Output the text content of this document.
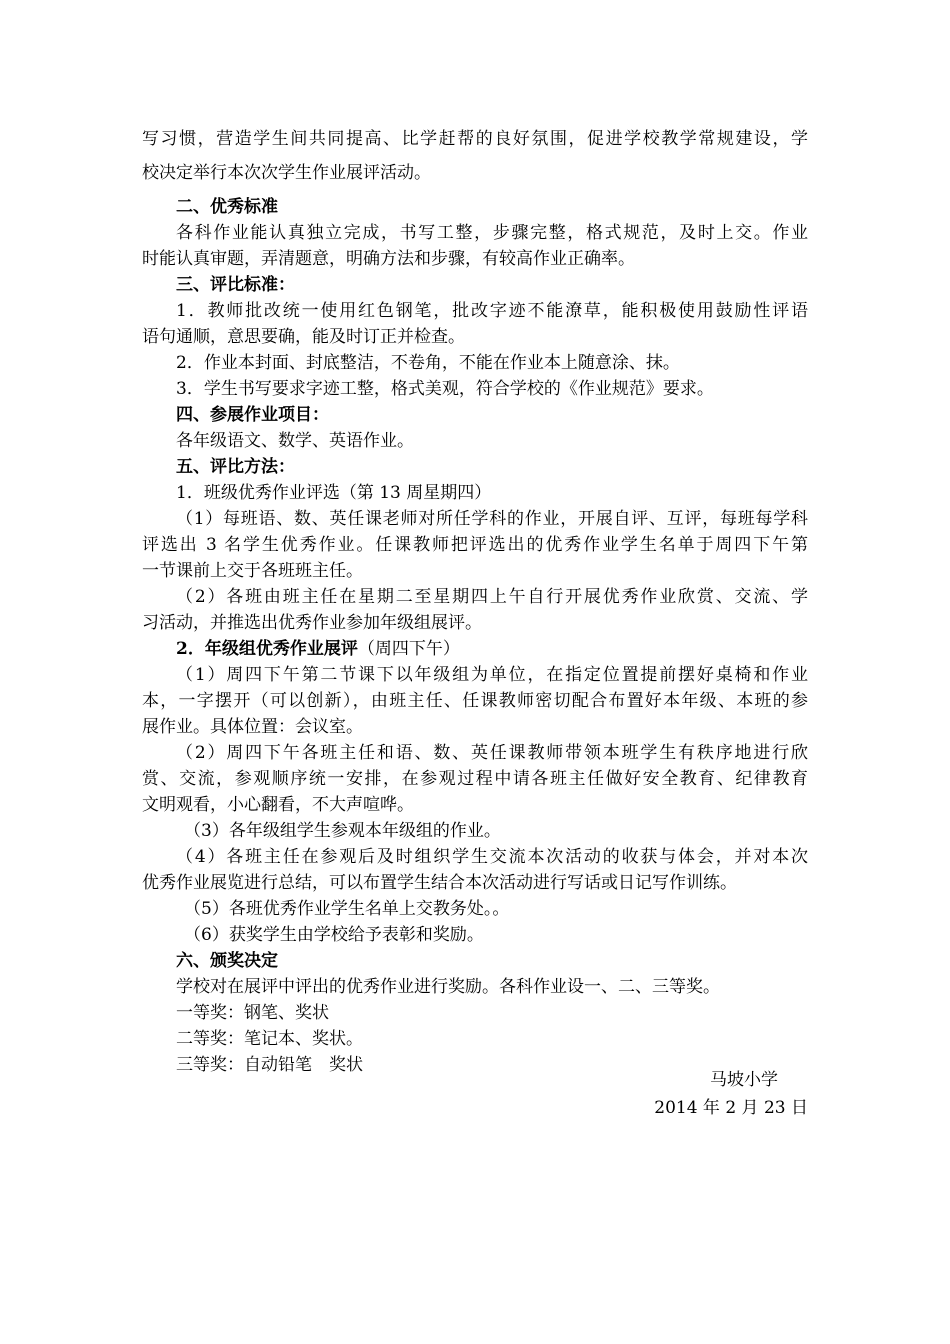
写习惯，营造学生间共同提高、比学赶帮的良好氛围，促进学校教学常规建设，学
校决定举行本次次学生作业展评活动。
二、优秀标准
各科作业能认真独立完成，书写工整，步骤完整，格式规范，及时上交。作业
时能认真审题，弄清题意，明确方法和步骤，有较高作业正确率。
三、评比标准：
1．教师批改统一使用红色钢笔，批改字迹不能潦草，能积极使用鼓励性评语
语句通顺，意思要确，能及时订正并检查。
2．作业本封面、封底整洁，不卷角，不能在作业本上随意涂、抹。
3．学生书写要求字迹工整，格式美观，符合学校的《作业规范》要求。
四、参展作业项目：
各年级语文、数学、英语作业。
五、评比方法：
1．班级优秀作业评选（第 13 周星期四）
（1）每班语、数、英任课老师对所任学科的作业，开展自评、互评，每班每学科
评选出 3 名学生优秀作业。任课教师把评选出的优秀作业学生名单于周四下午第
一节课前上交于各班班主任。
（2）各班由班主任在星期二至星期四上午自行开展优秀作业欣赏、交流、学
习活动，并推选出优秀作业参加年级组展评。
2．年级组优秀作业展评（周四下午）
（1）周四下午第二节课下以年级组为单位，在指定位置提前摆好桌椅和作业
本，一字摆开（可以创新），由班主任、任课教师密切配合布置好本年级、本班的参
展作业。具体位置：会议室。
（2）周四下午各班主任和语、数、英任课教师带领本班学生有秩序地进行欣
赏、交流，参观顺序统一安排，在参观过程中请各班主任做好安全教育、纪律教育
文明观看，小心翻看，不大声喧哗。
（3）各年级组学生参观本年级组的作业。
（4）各班主任在参观后及时组织学生交流本次活动的收获与体会，并对本次
优秀作业展览进行总结，可以布置学生结合本次活动进行写话或日记写作训练。
（5）各班优秀作业学生名单上交教务处。。
（6）获奖学生由学校给予表彰和奖励。
六、颁奖决定
学校对在展评中评出的优秀作业进行奖励。各科作业设一、二、三等奖。
一等奖：钢笔、奖状
二等奖：笔记本、奖状。
三等奖：自动铅笔　奖状
马坡小学
2014 年 2 月 23 日
